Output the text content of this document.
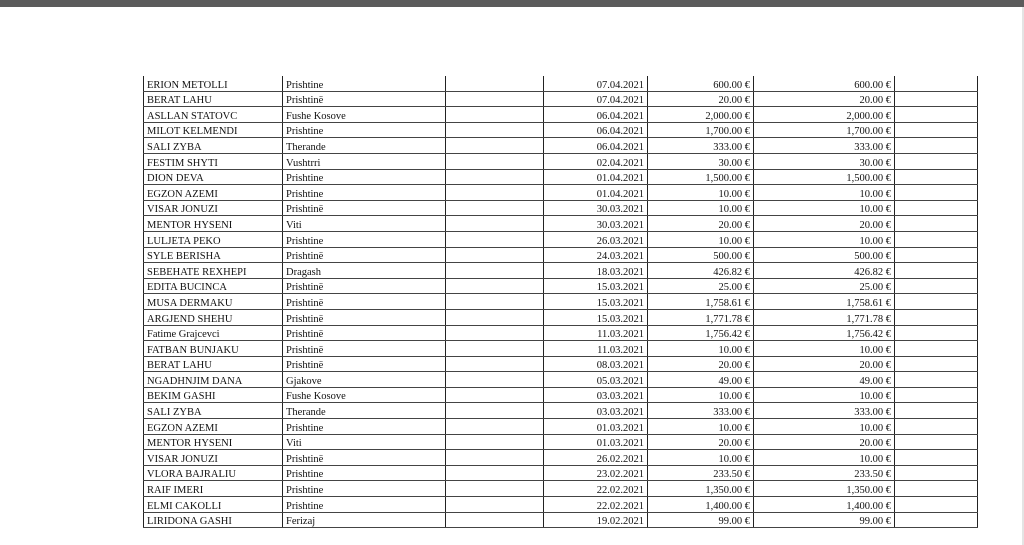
ERION METOLLI	Prishtine		07.04.2021	600.00 €	600.00 €	
BERAT LAHU	Prishtinë		07.04.2021	20.00 €	20.00 €	
ASLLAN STATOVC	Fushe Kosove		06.04.2021	2,000.00 €	2,000.00 €	
MILOT KELMENDI	Prishtine		06.04.2021	1,700.00 €	1,700.00 €	
SALI ZYBA	Therande		06.04.2021	333.00 €	333.00 €	
FESTIM SHYTI	Vushtrri		02.04.2021	30.00 €	30.00 €	
DION DEVA	Prishtine		01.04.2021	1,500.00 €	1,500.00 €	
EGZON AZEMI	Prishtine		01.04.2021	10.00 €	10.00 €	
VISAR JONUZI	Prishtinë		30.03.2021	10.00 €	10.00 €	
MENTOR HYSENI	Viti		30.03.2021	20.00 €	20.00 €	
LULJETA PEKO	Prishtine		26.03.2021	10.00 €	10.00 €	
SYLE BERISHA	Prishtinë		24.03.2021	500.00 €	500.00 €	
SEBEHATE REXHEPI	Dragash		18.03.2021	426.82 €	426.82 €	
EDITA BUCINCA	Prishtinë		15.03.2021	25.00 €	25.00 €	
MUSA DERMAKU	Prishtinë		15.03.2021	1,758.61 €	1,758.61 €	
ARGJEND SHEHU	Prishtinë		15.03.2021	1,771.78 €	1,771.78 €	
Fatime Grajcevci	Prishtinë		11.03.2021	1,756.42 €	1,756.42 €	
FATBAN BUNJAKU	Prishtinë		11.03.2021	10.00 €	10.00 €	
BERAT LAHU	Prishtinë		08.03.2021	20.00 €	20.00 €	
NGADHNJIM DANA	Gjakove		05.03.2021	49.00 €	49.00 €	
BEKIM GASHI	Fushe Kosove		03.03.2021	10.00 €	10.00 €	
SALI ZYBA	Therande		03.03.2021	333.00 €	333.00 €	
EGZON AZEMI	Prishtine		01.03.2021	10.00 €	10.00 €	
MENTOR HYSENI	Viti		01.03.2021	20.00 €	20.00 €	
VISAR JONUZI	Prishtinë		26.02.2021	10.00 €	10.00 €	
VLORA BAJRALIU	Prishtine		23.02.2021	233.50 €	233.50 €	
RAIF IMERI	Prishtine		22.02.2021	1,350.00 €	1,350.00 €	
ELMI CAKOLLI	Prishtine		22.02.2021	1,400.00 €	1,400.00 €	
LIRIDONA GASHI	Ferizaj		19.02.2021	99.00 €	99.00 €	
